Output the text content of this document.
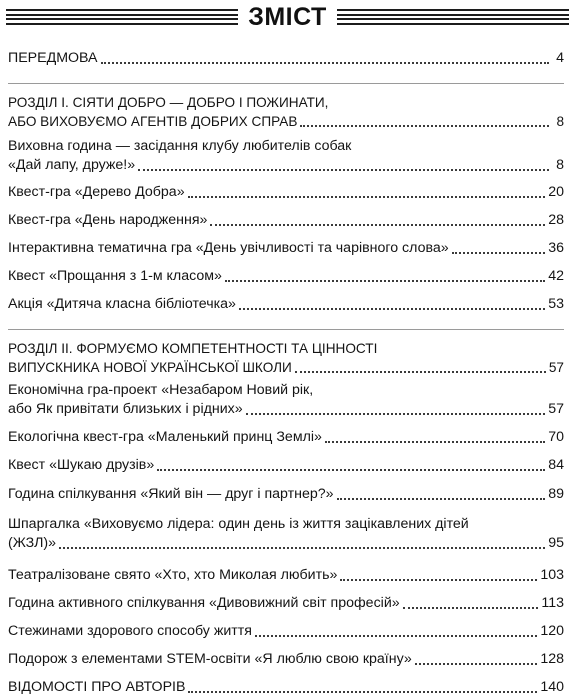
ЗМІСТ
ПЕРЕДМОВА	4
РОЗДІЛ І. СІЯТИ ДОБРО — ДОБРО І ПОЖИНАТИ,
АБО ВИХОВУЄМО АГЕНТІВ ДОБРИХ СПРАВ	8
Виховна година — засідання клубу любителів собак
«Дай лапу, друже!»	8
Квест-гра «Дерево Добра»	20
Квест-гра «День народження»	28
Інтерактивна тематична гра «День увічливості та чарівного слова»	36
Квест «Прощання з 1-м класом»	42
Акція «Дитяча класна бібліотечка»	53
РОЗДІЛ ІІ. ФОРМУЄМО КОМПЕТЕНТНОСТІ ТА ЦІННОСТІ
ВИПУСКНИКА НОВОЇ УКРАЇНСЬКОЇ ШКОЛИ	57
Економічна гра-проект «Незабаром Новий рік,
або Як привітати близьких і рідних»	57
Екологічна квест-гра «Маленький принц Землі»	70
Квест «Шукаю друзів»	84
Година спілкування «Який він — друг і партнер?»	89
Шпаргалка «Виховуємо лідера: один день із життя зацікавлених дітей
(ЖЗЛ)»	95
Театралізоване свято «Хто, хто Миколая любить»	103
Година активного спілкування «Дивовижний світ професій»	113
Стежинами здорового способу життя	120
Подорож з елементами STEM-освіти «Я люблю свою країну»	128
ВІДОМОСТІ ПРО АВТОРІВ	140
